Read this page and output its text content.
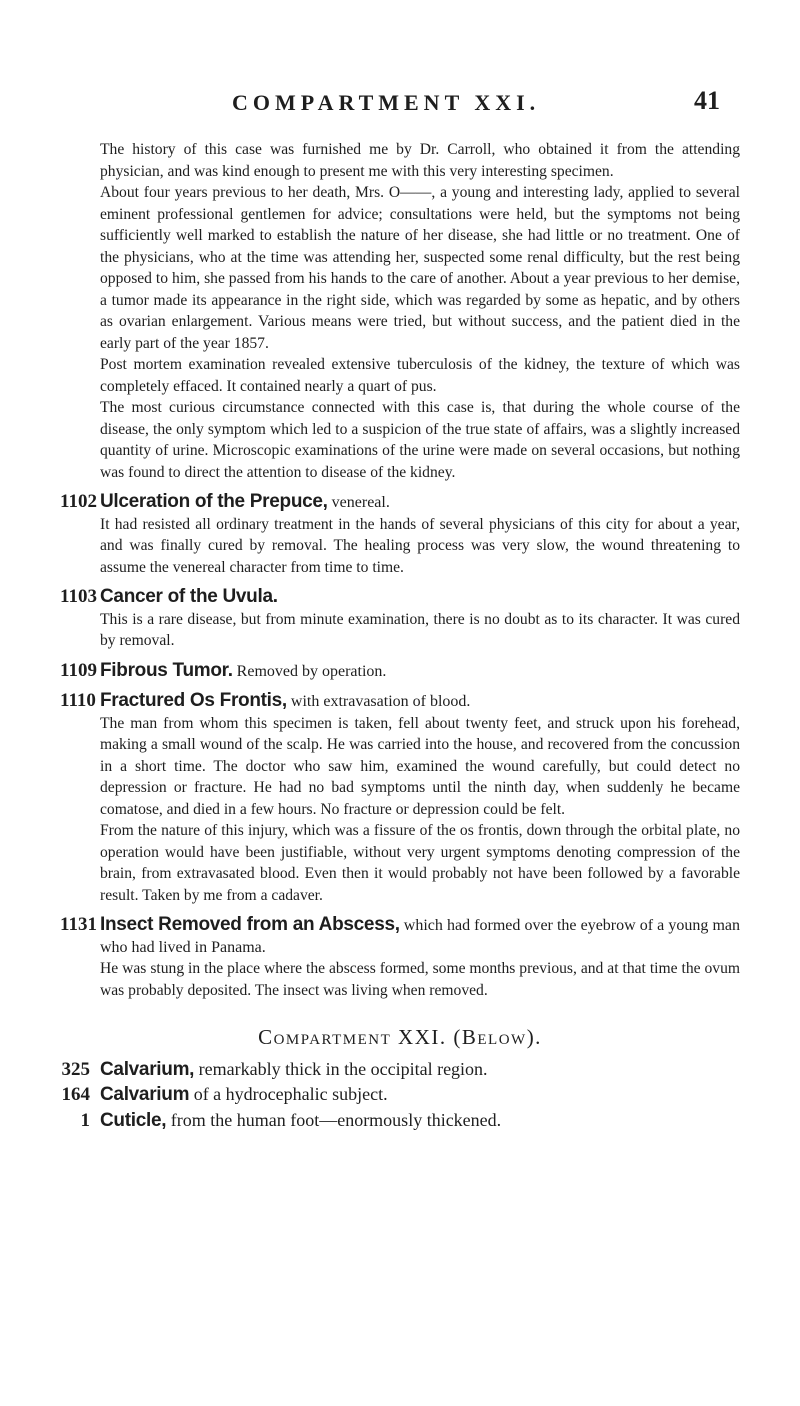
COMPARTMENT XXI.	41

The history of this case was furnished me by Dr. Carroll, who obtained it from the attending physician, and was kind enough to present me with this very interesting specimen.

About four years previous to her death, Mrs. O——, a young and interesting lady, applied to several eminent professional gentlemen for advice; consultations were held, but the symptoms not being sufficiently well marked to establish the nature of her disease, she had little or no treatment. One of the physicians, who at the time was attending her, suspected some renal difficulty, but the rest being opposed to him, she passed from his hands to the care of another. About a year previous to her demise, a tumor made its appearance in the right side, which was regarded by some as hepatic, and by others as ovarian enlargement. Various means were tried, but without success, and the patient died in the early part of the year 1857.

Post mortem examination revealed extensive tuberculosis of the kidney, the texture of which was completely effaced. It contained nearly a quart of pus.

The most curious circumstance connected with this case is, that during the whole course of the disease, the only symptom which led to a suspicion of the true state of affairs, was a slightly increased quantity of urine. Microscopic examinations of the urine were made on several occasions, but nothing was found to direct the attention to disease of the kidney.

1102 Ulceration of the Prepuce, venereal.

It had resisted all ordinary treatment in the hands of several physicians of this city for about a year, and was finally cured by removal. The healing process was very slow, the wound threatening to assume the venereal character from time to time.

1103 Cancer of the Uvula.

This is a rare disease, but from minute examination, there is no doubt as to its character. It was cured by removal.

1109 Fibrous Tumor. Removed by operation.
1110 Fractured Os Frontis, with extravasation of blood.

The man from whom this specimen is taken, fell about twenty feet, and struck upon his forehead, making a small wound of the scalp. He was carried into the house, and recovered from the concussion in a short time. The doctor who saw him, examined the wound carefully, but could detect no depression or fracture. He had no bad symptoms until the ninth day, when suddenly he became comatose, and died in a few hours. No fracture or depression could be felt.

From the nature of this injury, which was a fissure of the os frontis, down through the orbital plate, no operation would have been justifiable, without very urgent symptoms denoting compression of the brain, from extravasated blood. Even then it would probably not have been followed by a favorable result. Taken by me from a cadaver.

1131 Insect Removed from an Abscess, which had formed over the eyebrow of a young man who had lived in Panama.

He was stung in the place where the abscess formed, some months previous, and at that time the ovum was probably deposited. The insect was living when removed.

Compartment XXI. (Below).
325 Calvarium, remarkably thick in the occipital region.
164 Calvarium of a hydrocephalic subject.
1 Cuticle, from the human foot—enormously thickened.
